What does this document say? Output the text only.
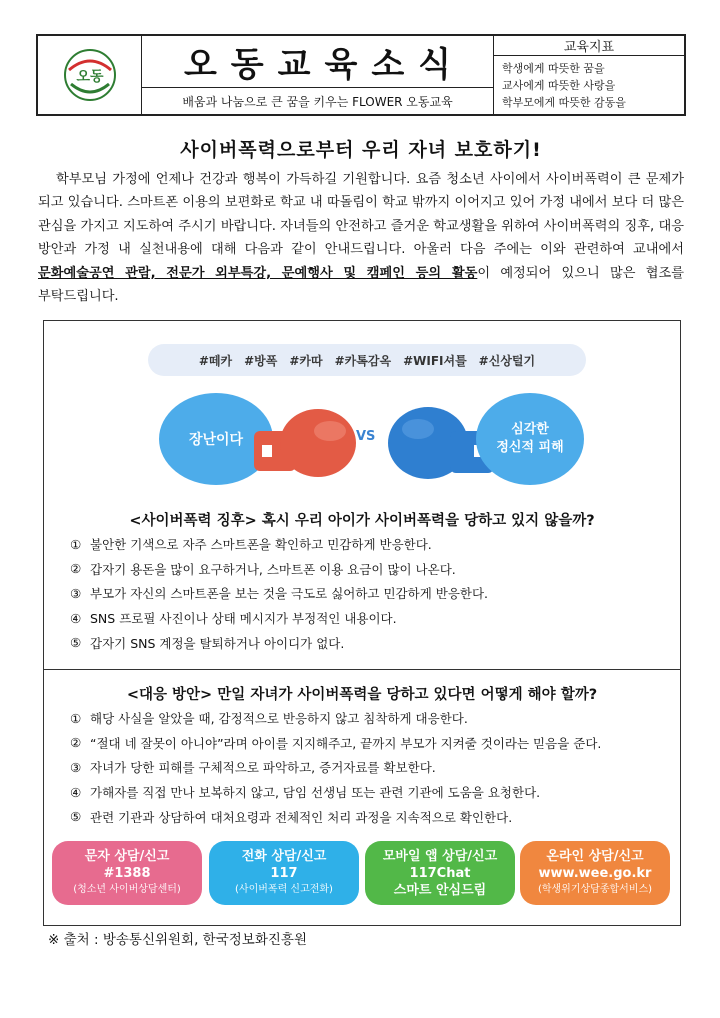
오동	오동교육소식
배움과 나눔으로 큰 꿈을 키우는 FLOWER 오동교육
교육지표
학생에게 따뜻한 꿈을
교사에게 따뜻한 사랑을
학부모에게 따뜻한 감동을
사이버폭력으로부터 우리 자녀 보호하기!
학부모님 가정에 언제나 건강과 행복이 가득하길 기원합니다. 요즘 청소년 사이에서 사이버폭력이 큰 문제가 되고 있습니다. 스마트폰 이용의 보편화로 학교 내 따돌림이 학교 밖까지 이어지고 있어 가정 내에서 보다 더 많은 관심을 가지고 지도하여 주시기 바랍니다. 자녀들의 안전하고 즐거운 학교생활을 위하여 사이버폭력의 징후, 대응 방안과 가정 내 실천내용에 대해 다음과 같이 안내드립니다. 아울러 다음 주에는 이와 관련하여 교내에서 문화예술공연 관람, 전문가 외부특강, 문예행사 및 캠페인 등의 활동이 예정되어 있으니 많은 협조를 부탁드립니다.
#떼카 #방폭 #카따 #카톡감옥 #WIFI셔틀 #신상털기
장난이다	VS	심각한
정신적 피해
<사이버폭력 징후> 혹시 우리 아이가 사이버폭력을 당하고 있지 않을까?
① 불안한 기색으로 자주 스마트폰을 확인하고 민감하게 반응한다.
② 갑자기 용돈을 많이 요구하거나, 스마트폰 이용 요금이 많이 나온다.
③ 부모가 자신의 스마트폰을 보는 것을 극도로 싫어하고 민감하게 반응한다.
④ SNS 프로필 사진이나 상태 메시지가 부정적인 내용이다.
⑤ 갑자기 SNS 계정을 탈퇴하거나 아이디가 없다.
<대응 방안> 만일 자녀가 사이버폭력을 당하고 있다면 어떻게 해야 할까?
① 해당 사실을 알았을 때, 감정적으로 반응하지 않고 침착하게 대응한다.
② “절대 네 잘못이 아니야”라며 아이를 지지해주고, 끝까지 부모가 지켜줄 것이라는 믿음을 준다.
③ 자녀가 당한 피해를 구체적으로 파악하고, 증거자료를 확보한다.
④ 가해자를 직접 만나 보복하지 않고, 담임 선생님 또는 관련 기관에 도움을 요청한다.
⑤ 관련 기관과 상담하여 대처요령과 전체적인 처리 과정을 지속적으로 확인한다.
문자 상담/신고
#1388
(청소년 사이버상담센터)
전화 상담/신고
117
(사이버폭력 신고전화)
모바일 앱 상담/신고
117Chat
스마트 안심드림
온라인 상담/신고
www.wee.go.kr
(학생위기상담종합서비스)
※ 출처 : 방송통신위원회, 한국정보화진흥원
